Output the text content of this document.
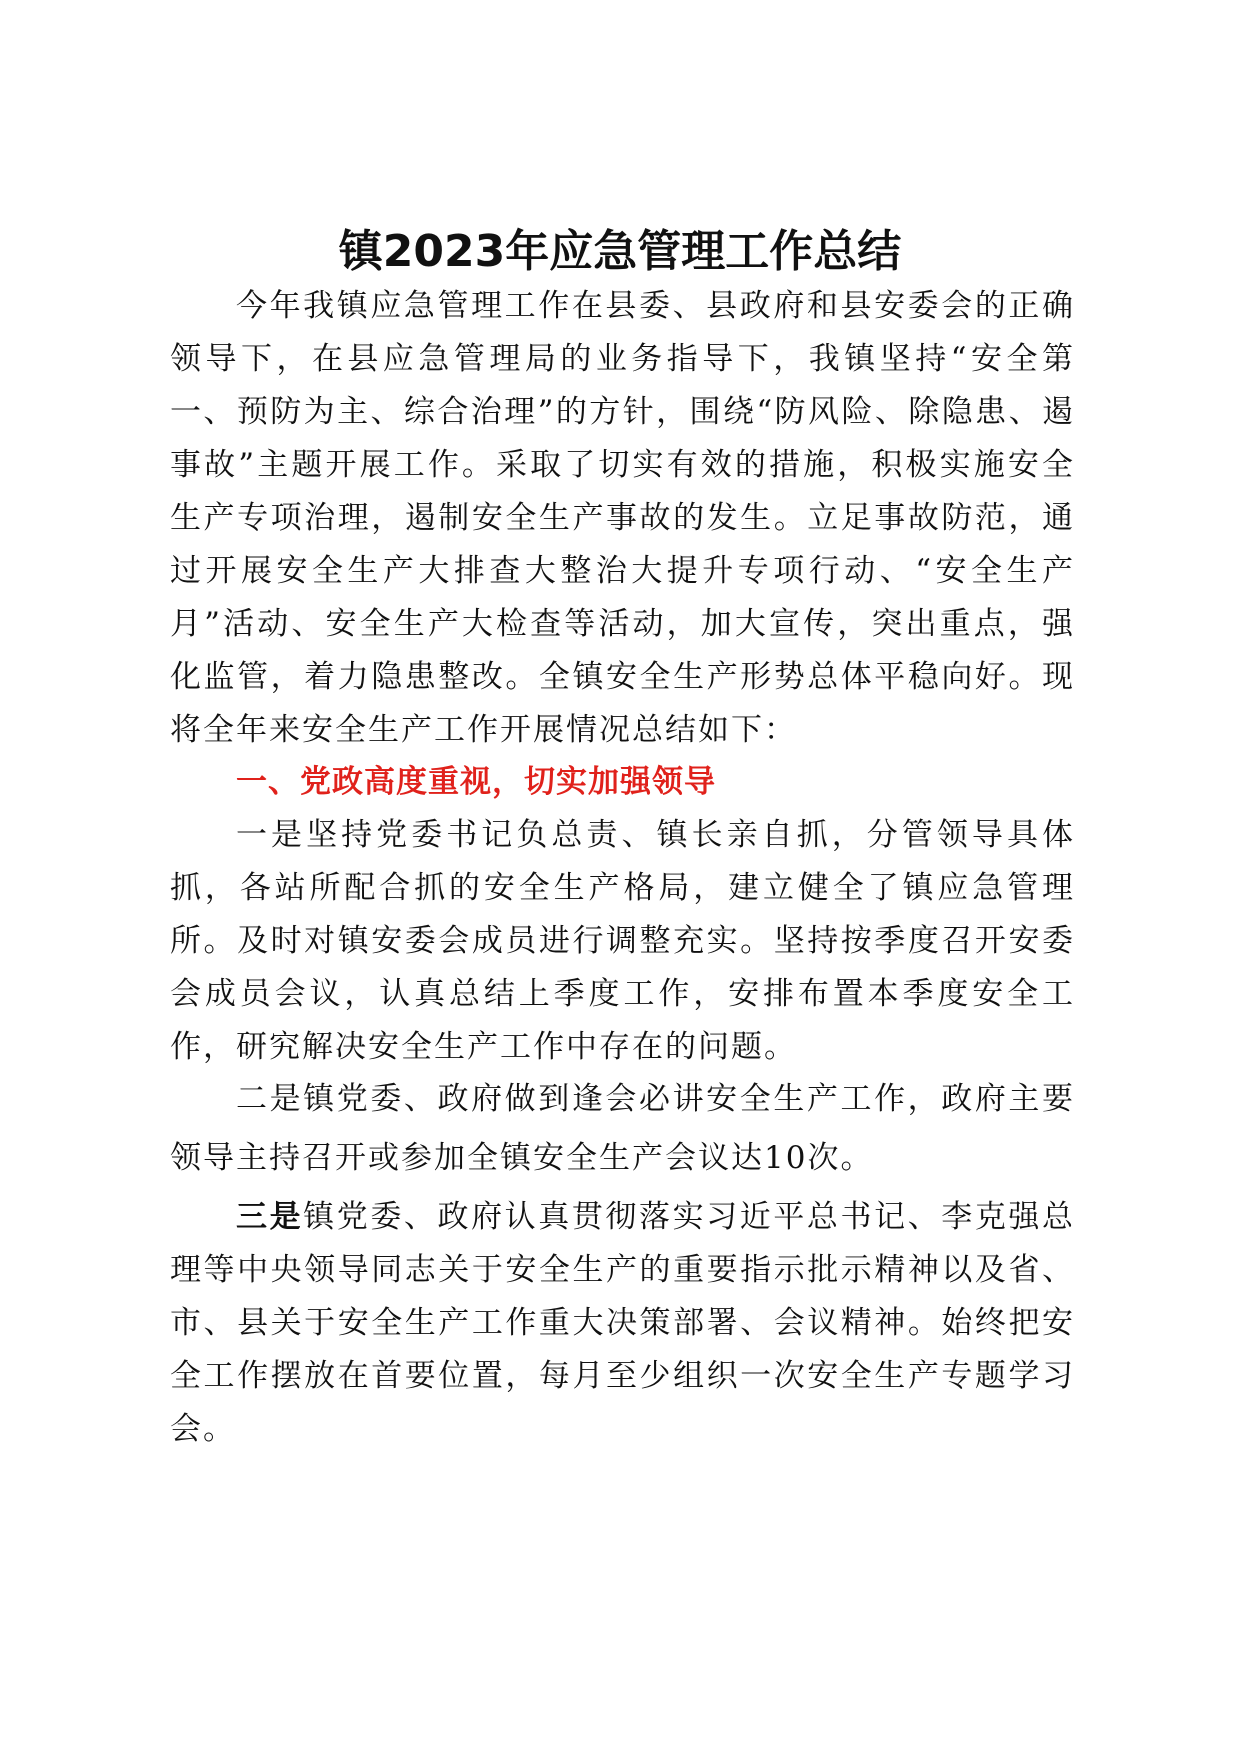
镇2023年应急管理工作总结

今年我镇应急管理工作在县委、县政府和县安委会的正确领导下，在县应急管理局的业务指导下，我镇坚持“安全第一、预防为主、综合治理”的方针，围绕“防风险、除隐患、遏事故”主题开展工作。采取了切实有效的措施，积极实施安全生产专项治理，遏制安全生产事故的发生。立足事故防范，通过开展安全生产大排查大整治大提升专项行动、“安全生产月”活动、安全生产大检查等活动，加大宣传，突出重点，强化监管，着力隐患整改。全镇安全生产形势总体平稳向好。现将全年来安全生产工作开展情况总结如下：

一、党政高度重视，切实加强领导

一是坚持党委书记负总责、镇长亲自抓，分管领导具体抓，各站所配合抓的安全生产格局，建立健全了镇应急管理所。及时对镇安委会成员进行调整充实。坚持按季度召开安委会成员会议，认真总结上季度工作，安排布置本季度安全工作，研究解决安全生产工作中存在的问题。

二是镇党委、政府做到逢会必讲安全生产工作，政府主要领导主持召开或参加全镇安全生产会议达10次。

三是镇党委、政府认真贯彻落实习近平总书记、李克强总理等中央领导同志关于安全生产的重要指示批示精神以及省、市、县关于安全生产工作重大决策部署、会议精神。始终把安全工作摆放在首要位置，每月至少组织一次安全生产专题学习会。
